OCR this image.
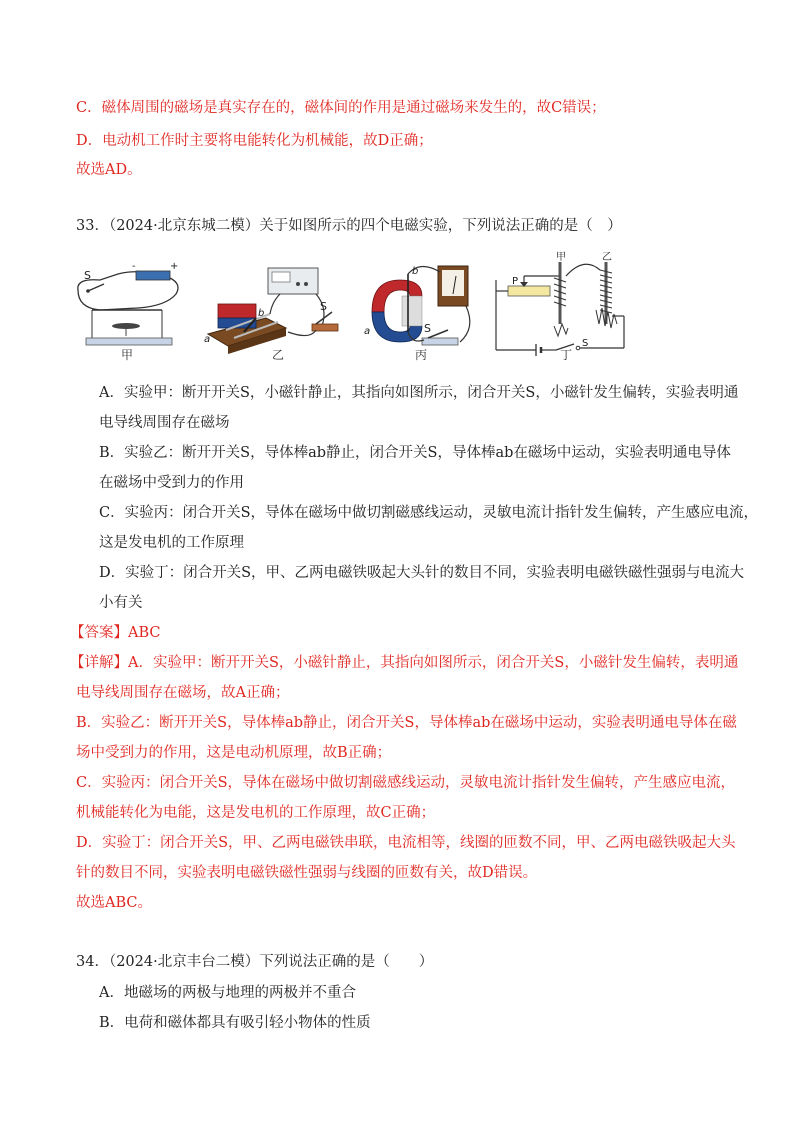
C．磁体周围的磁场是真实存在的，磁体间的作用是通过磁场来发生的，故C错误；
D．电动机工作时主要将电能转化为机械能，故D正确；
故选AD。
33．（2024·北京东城二模）关于如图所示的四个电磁实验，下列说法正确的是（　）
S
-	+
甲
a
b
S
乙
a
b
S
丙
P
甲	乙
S
丁
A．实验甲：断开开关S，小磁针静止，其指向如图所示，闭合开关S，小磁针发生偏转，实验表明通
电导线周围存在磁场
B．实验乙：断开开关S，导体棒ab静止，闭合开关S，导体棒ab在磁场中运动，实验表明通电导体
在磁场中受到力的作用
C．实验丙：闭合开关S，导体在磁场中做切割磁感线运动，灵敏电流计指针发生偏转，产生感应电流，
这是发电机的工作原理
D．实验丁：闭合开关S，甲、乙两电磁铁吸起大头针的数目不同，实验表明电磁铁磁性强弱与电流大
小有关
【答案】ABC
【详解】A．实验甲：断开开关S，小磁针静止，其指向如图所示，闭合开关S，小磁针发生偏转，表明通
电导线周围存在磁场，故A正确；
B．实验乙：断开开关S，导体棒ab静止，闭合开关S，导体棒ab在磁场中运动，实验表明通电导体在磁
场中受到力的作用，这是电动机原理，故B正确；
C．实验丙：闭合开关S，导体在磁场中做切割磁感线运动，灵敏电流计指针发生偏转，产生感应电流，
机械能转化为电能，这是发电机的工作原理，故C正确；
D．实验丁：闭合开关S，甲、乙两电磁铁串联，电流相等，线圈的匝数不同，甲、乙两电磁铁吸起大头
针的数目不同，实验表明电磁铁磁性强弱与线圈的匝数有关，故D错误。
故选ABC。
34．（2024·北京丰台二模）下列说法正确的是（　　）
A．地磁场的两极与地理的两极并不重合
B．电荷和磁体都具有吸引轻小物体的性质
